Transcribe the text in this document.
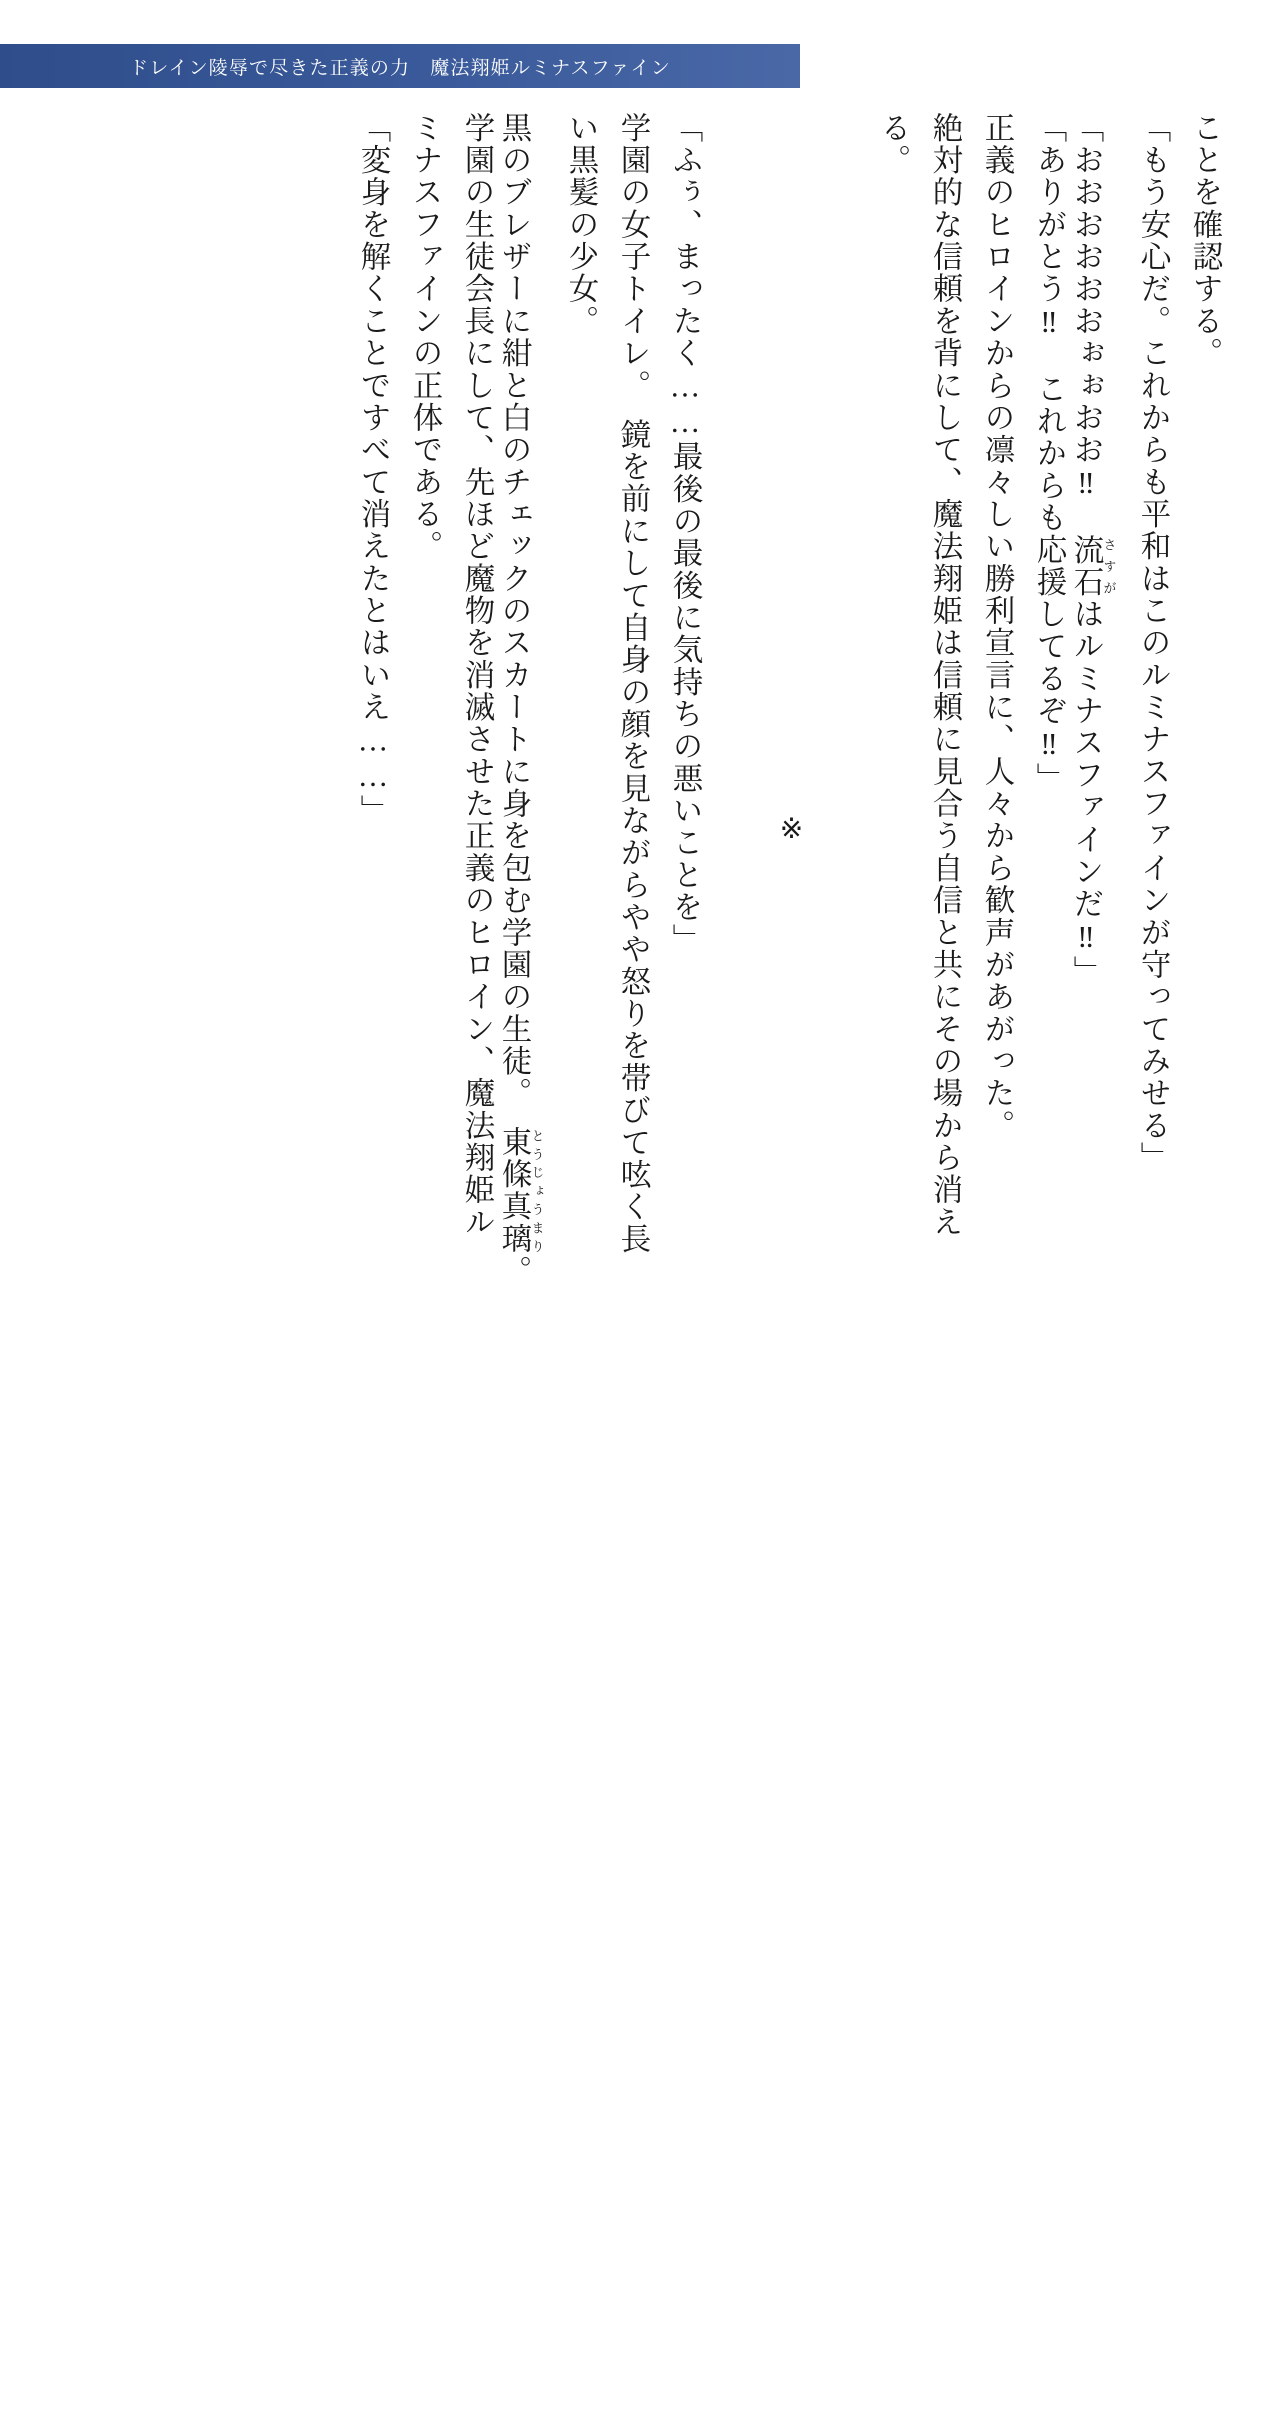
ドレイン陵辱で尽きた正義の力　魔法翔姫ルミナスファイン
ことを確認する。
「もう安心だ。これからも平和はこのルミナスファインが守ってみせる」
「おおおおおおぉぉおお‼　流石さすがはルミナスファインだ‼」
「ありがとう‼　これからも応援してるぞ‼」
正義のヒロインからの凛々しい勝利宣言に、人々から歓声があがった。
絶対的な信頼を背にして、魔法翔姫は信頼に見合う自信と共にその場から消え
る。

※

「ふぅ、まったく……最後の最後に気持ちの悪いことを」
学園の女子トイレ。　鏡を前にして自身の顔を見ながらやや怒りを帯びて呟く長
い黒髪の少女。
黒のブレザーに紺と白のチェックのスカートに身を包む学園の生徒。　東條真璃とうじょうまり。
学園の生徒会長にして、先ほど魔物を消滅させた正義のヒロイン、魔法翔姫ル
ミナスファインの正体である。
「変身を解くことですべて消えたとはいえ……」
